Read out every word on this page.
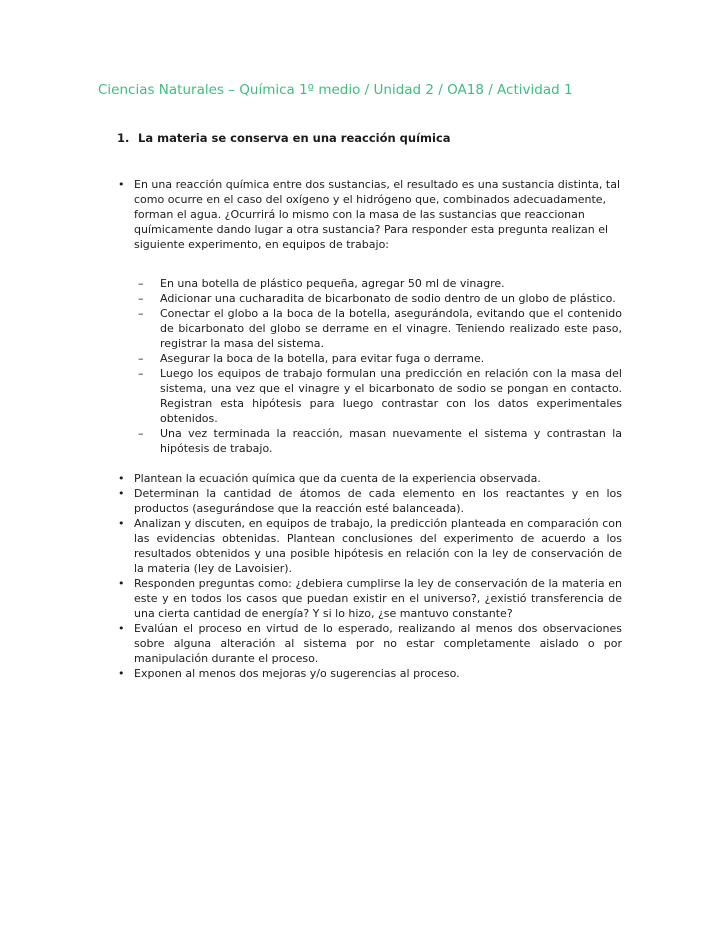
Ciencias Naturales – Química 1º medio / Unidad 2 / OA18 / Actividad 1
1. La materia se conserva en una reacción química
• En una reacción química entre dos sustancias, el resultado es una sustancia distinta, tal como ocurre en el caso del oxígeno y el hidrógeno que, combinados adecuadamente, forman el agua. ¿Ocurrirá lo mismo con la masa de las sustancias que reaccionan químicamente dando lugar a otra sustancia? Para responder esta pregunta realizan el siguiente experimento, en equipos de trabajo:
– En una botella de plástico pequeña, agregar 50 ml de vinagre.
– Adicionar una cucharadita de bicarbonato de sodio dentro de un globo de plástico.
– Conectar el globo a la boca de la botella, asegurándola, evitando que el contenido de bicarbonato del globo se derrame en el vinagre. Teniendo realizado este paso, registrar la masa del sistema.
– Asegurar la boca de la botella, para evitar fuga o derrame.
– Luego los equipos de trabajo formulan una predicción en relación con la masa del sistema, una vez que el vinagre y el bicarbonato de sodio se pongan en contacto. Registran esta hipótesis para luego contrastar con los datos experimentales obtenidos.
– Una vez terminada la reacción, masan nuevamente el sistema y contrastan la hipótesis de trabajo.
• Plantean la ecuación química que da cuenta de la experiencia observada.
• Determinan la cantidad de átomos de cada elemento en los reactantes y en los productos (asegurándose que la reacción esté balanceada).
• Analizan y discuten, en equipos de trabajo, la predicción planteada en comparación con las evidencias obtenidas. Plantean conclusiones del experimento de acuerdo a los resultados obtenidos y una posible hipótesis en relación con la ley de conservación de la materia (ley de Lavoisier).
• Responden preguntas como: ¿debiera cumplirse la ley de conservación de la materia en este y en todos los casos que puedan existir en el universo?, ¿existió transferencia de una cierta cantidad de energía? Y si lo hizo, ¿se mantuvo constante?
• Evalúan el proceso en virtud de lo esperado, realizando al menos dos observaciones sobre alguna alteración al sistema por no estar completamente aislado o por manipulación durante el proceso.
• Exponen al menos dos mejoras y/o sugerencias al proceso.
